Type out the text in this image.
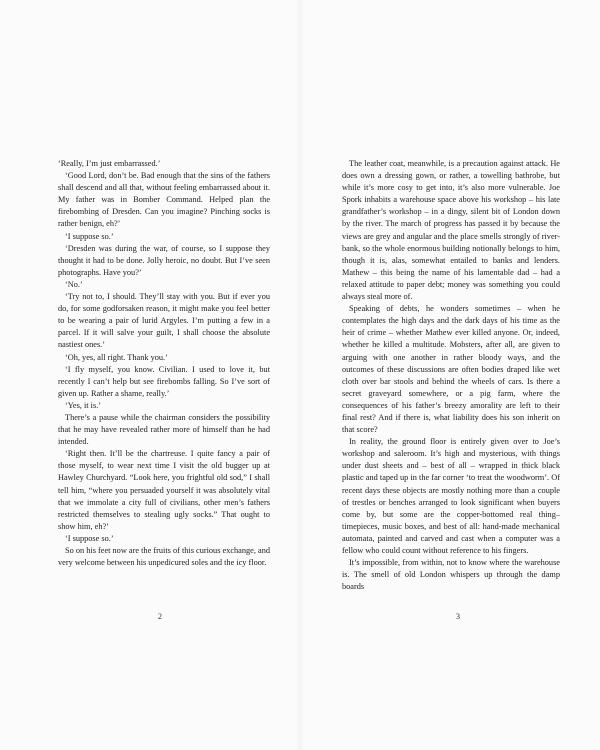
‘Really, I’m just embarrassed.’

‘Good Lord, don’t be. Bad enough that the sins of the fathers shall descend and all that, without feeling embarrassed about it. My father was in Bomber Command. Helped plan the firebombing of Dresden. Can you imagine? Pinching socks is rather benign, eh?’

‘I suppose so.’

‘Dresden was during the war, of course, so I suppose they thought it had to be done. Jolly heroic, no doubt. But I’ve seen photographs. Have you?’

‘No.’

‘Try not to, I should. They’ll stay with you. But if ever you do, for some godforsaken reason, it might make you feel better to be wearing a pair of lurid Argyles. I’m putting a few in a parcel. If it will salve your guilt, I shall choose the absolute nastiest ones.’

‘Oh, yes, all right. Thank you.’

‘I fly myself, you know. Civilian. I used to love it, but recently I can’t help but see firebombs falling. So I’ve sort of given up. Rather a shame, really.’

‘Yes, it is.’

There’s a pause while the chairman considers the possibility that he may have revealed rather more of himself than he had intended.

‘Right then. It’ll be the chartreuse. I quite fancy a pair of those myself, to wear next time I visit the old bugger up at Hawley Churchyard. “Look here, you frightful old sod,” I shall tell him, “where you persuaded yourself it was absolutely vital that we immolate a city full of civilians, other men’s fathers restricted themselves to stealing ugly socks.” That ought to show him, eh?’

‘I suppose so.’

So on his feet now are the fruits of this curious exchange, and very welcome between his unpedicured soles and the icy floor.

2

The leather coat, meanwhile, is a precaution against attack. He does own a dressing gown, or rather, a towelling bathrobe, but while it’s more cosy to get into, it’s also more vulnerable. Joe Spork inhabits a warehouse space above his workshop – his late grandfather’s workshop – in a dingy, silent bit of London down by the river. The march of progress has passed it by because the views are grey and angular and the place smells strongly of river-bank, so the whole enormous building notionally belongs to him, though it is, alas, somewhat entailed to banks and lenders. Mathew – this being the name of his lamentable dad – had a relaxed attitude to paper debt; money was something you could always steal more of.

Speaking of debts, he wonders sometimes – when he contemplates the high days and the dark days of his time as the heir of crime – whether Mathew ever killed anyone. Or, indeed, whether he killed a multitude. Mobsters, after all, are given to arguing with one another in rather bloody ways, and the outcomes of these discussions are often bodies draped like wet cloth over bar stools and behind the wheels of cars. Is there a secret graveyard somewhere, or a pig farm, where the consequences of his father’s breezy amorality are left to their final rest? And if there is, what liability does his son inherit on that score?

In reality, the ground floor is entirely given over to Joe’s workshop and saleroom. It’s high and mysterious, with things under dust sheets and – best of all – wrapped in thick black plastic and taped up in the far corner ‘to treat the woodworm’. Of recent days these objects are mostly nothing more than a couple of trestles or benches arranged to look significant when buyers come by, but some are the copper-bottomed real thing– timepieces, music boxes, and best of all: hand-made mechanical automata, painted and carved and cast when a computer was a fellow who could count without reference to his fingers.

It’s impossible, from within, not to know where the warehouse is. The smell of old London whispers up through the damp boards

3
